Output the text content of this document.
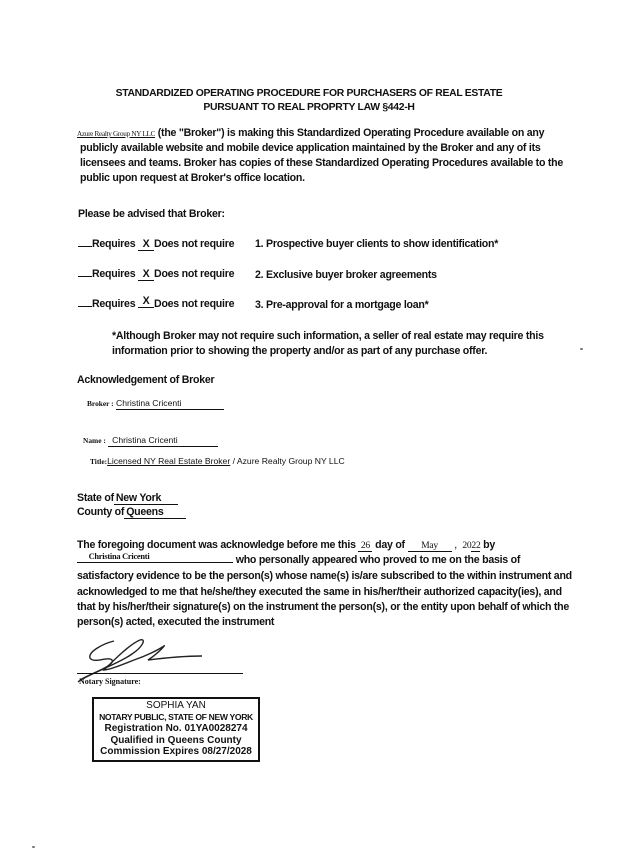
STANDARDIZED OPERATING PROCEDURE FOR PURCHASERS OF REAL ESTATE
PURSUANT TO REAL PROPRTY LAW §442-H
Azure Realty Group NY LLC (the "Broker") is making this Standardized Operating Procedure available on any
publicly available website and mobile device application maintained by the Broker and any of its
licensees and teams. Broker has copies of these Standardized Operating Procedures available to the
public upon request at Broker's office location.
Please be advised that Broker:
Requires X Does not require 1. Prospective buyer clients to show identification*
Requires X Does not require 2. Exclusive buyer broker agreements
Requires X Does not require 3. Pre-approval for a mortgage loan*
*Although Broker may not require such information, a seller of real estate may require this
information prior to showing the property and/or as part of any purchase offer.
Acknowledgement of Broker
Broker : Christina Cricenti
Name : Christina Cricenti
Title:Licensed NY Real Estate Broker / Azure Realty Group NY LLC
State of New York
County of Queens
The foregoing document was acknowledge before me this 26 day of May ,  2022 by
Christina Cricenti	who personally appeared who proved to me on the basis of
satisfactory evidence to be the person(s) whose name(s) is/are subscribed to the within instrument and
acknowledged to me that he/she/they executed the same in his/her/their authorized capacity(ies), and
that by his/her/their signature(s) on the instrument the person(s), or the entity upon behalf of which the
person(s) acted, executed the instrument
Notary Signature:
SOPHIA YAN
NOTARY PUBLIC, STATE OF NEW YORK
Registration No. 01YA0028274
Qualified in Queens County
Commission Expires 08/27/2028
